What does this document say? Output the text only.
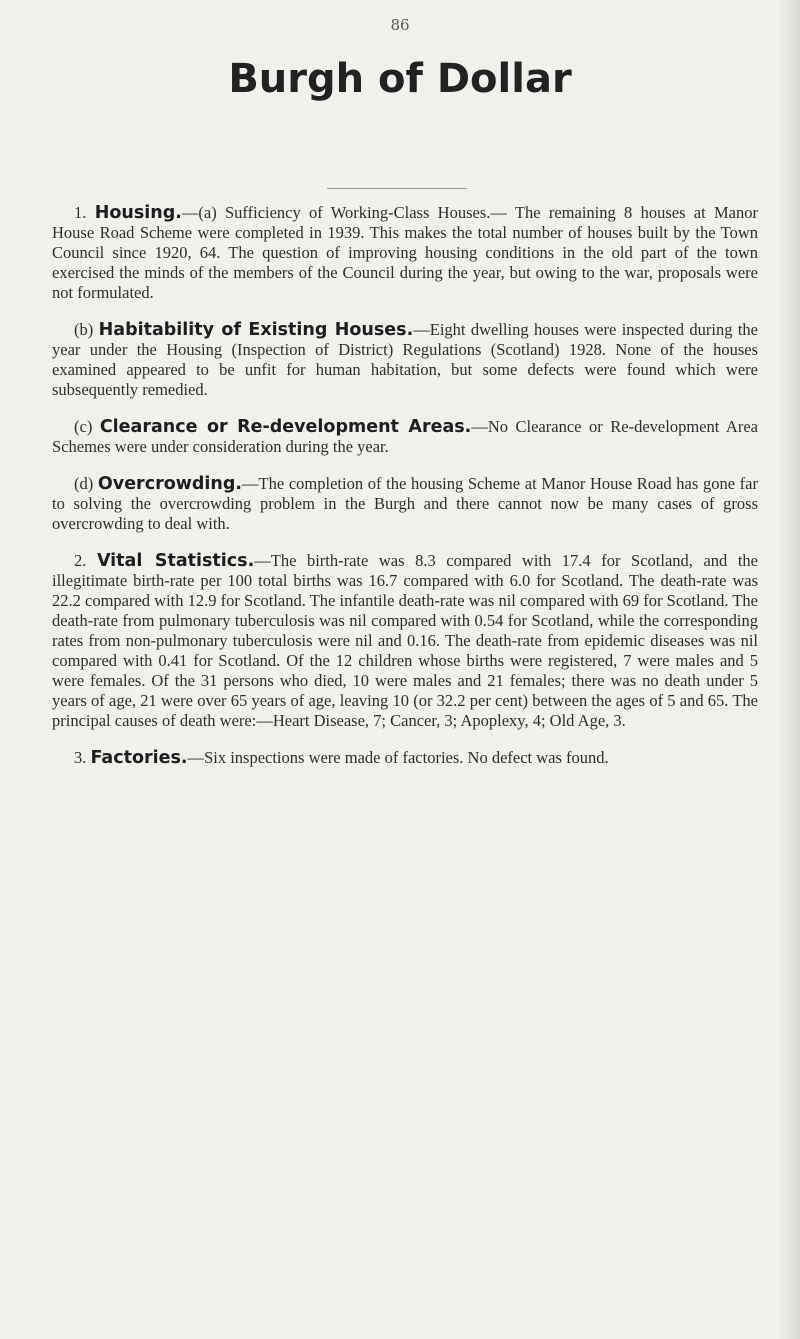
86
Burgh of Dollar

1. Housing.—(a) Sufficiency of Working-Class Houses.— The remaining 8 houses at Manor House Road Scheme were completed in 1939. This makes the total number of houses built by the Town Council since 1920, 64. The question of improving housing conditions in the old part of the town exercised the minds of the members of the Council during the year, but owing to the war, proposals were not formulated.

(b) Habitability of Existing Houses.—Eight dwelling houses were inspected during the year under the Housing (Inspection of District) Regulations (Scotland) 1928. None of the houses examined appeared to be unfit for human habitation, but some defects were found which were subsequently remedied.

(c) Clearance or Re-development Areas.—No Clearance or Re-development Area Schemes were under consideration during the year.

(d) Overcrowding.—The completion of the housing Scheme at Manor House Road has gone far to solving the overcrowding problem in the Burgh and there cannot now be many cases of gross overcrowding to deal with.

2. Vital Statistics.—The birth-rate was 8.3 compared with 17.4 for Scotland, and the illegitimate birth-rate per 100 total births was 16.7 compared with 6.0 for Scotland. The death-rate was 22.2 compared with 12.9 for Scotland. The infantile death-rate was nil compared with 69 for Scotland. The death-rate from pulmonary tuberculosis was nil compared with 0.54 for Scotland, while the corresponding rates from non-pulmonary tuberculosis were nil and 0.16. The death-rate from epidemic diseases was nil compared with 0.41 for Scotland. Of the 12 children whose births were registered, 7 were males and 5 were females. Of the 31 persons who died, 10 were males and 21 females; there was no death under 5 years of age, 21 were over 65 years of age, leaving 10 (or 32.2 per cent) between the ages of 5 and 65. The principal causes of death were:—Heart Disease, 7; Cancer, 3; Apoplexy, 4; Old Age, 3.

3. Factories.—Six inspections were made of factories. No defect was found.
